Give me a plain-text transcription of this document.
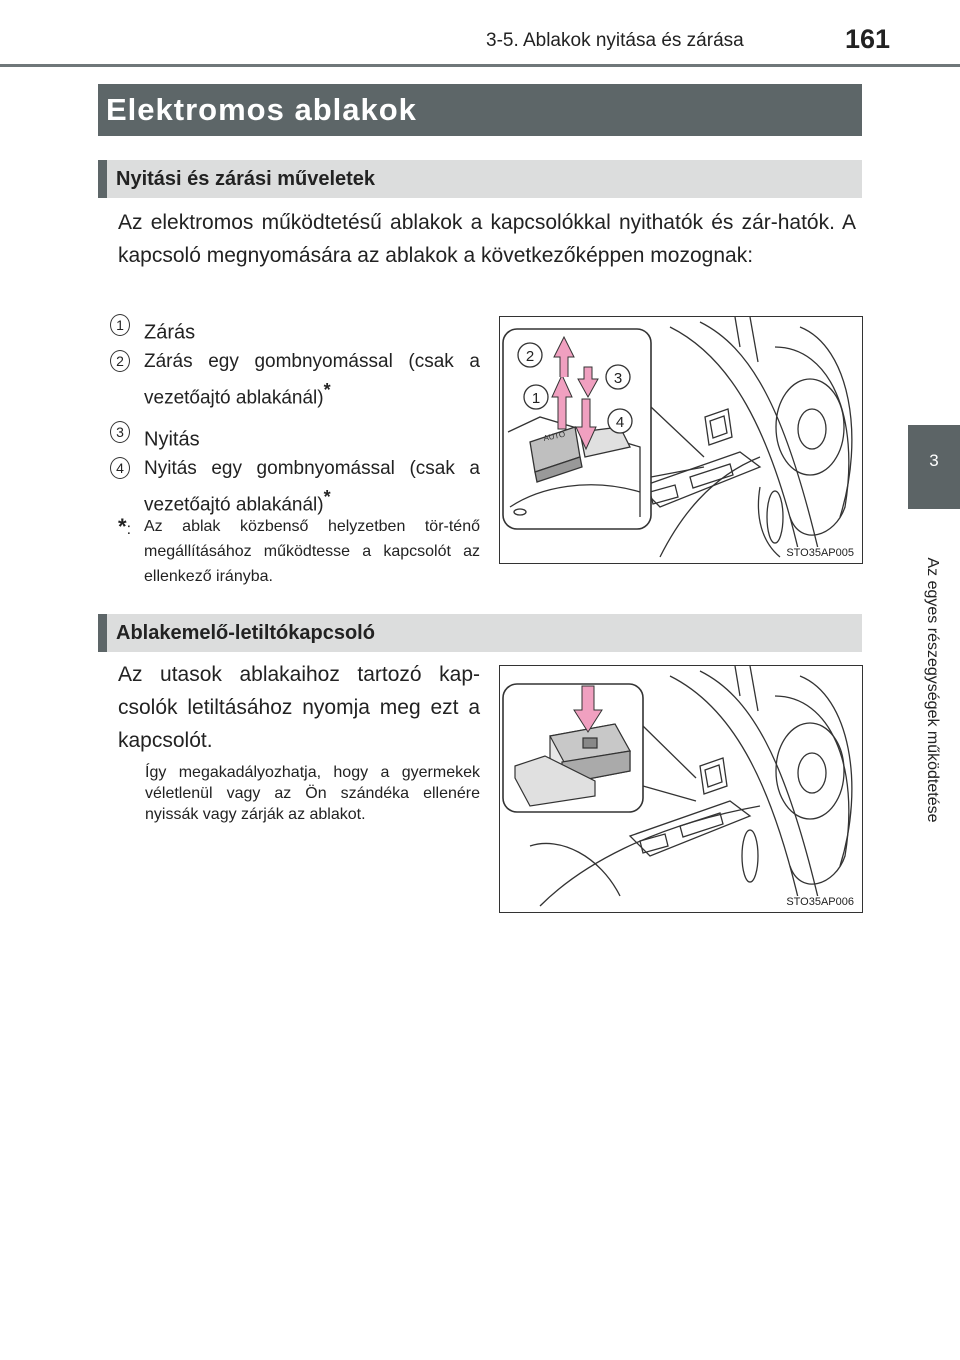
3-5. Ablakok nyitása és zárása	161
3
Az egyes részegységek működtetése
Elektromos ablakok
Nyitási és zárási műveletek
Az elektromos működtetésű ablakok a kapcsolókkal nyithatók és zár-hatók. A kapcsoló megnyomására az ablakok a következőképpen mozognak:
1	Zárás
2	Zárás egy gombnyomással (csak a vezetőajtó ablakánál)*
3	Nyitás
4	Nyitás egy gombnyomással (csak a vezetőajtó ablakánál)*
*: Az ablak közbenső helyzetben tör-ténő megállításához működtesse a kapcsolót az ellenkező irányba.
AUTO
2
1
3
4
STO35AP005
Ablakemelő-letiltókapcsoló
Az utasok ablakaihoz tartozó kap-csolók letiltásához nyomja meg ezt a kapcsolót.
Így megakadályozhatja, hogy a gyermekek véletlenül vagy az Ön szándéka ellenére nyissák vagy zárják az ablakot.
STO35AP006
